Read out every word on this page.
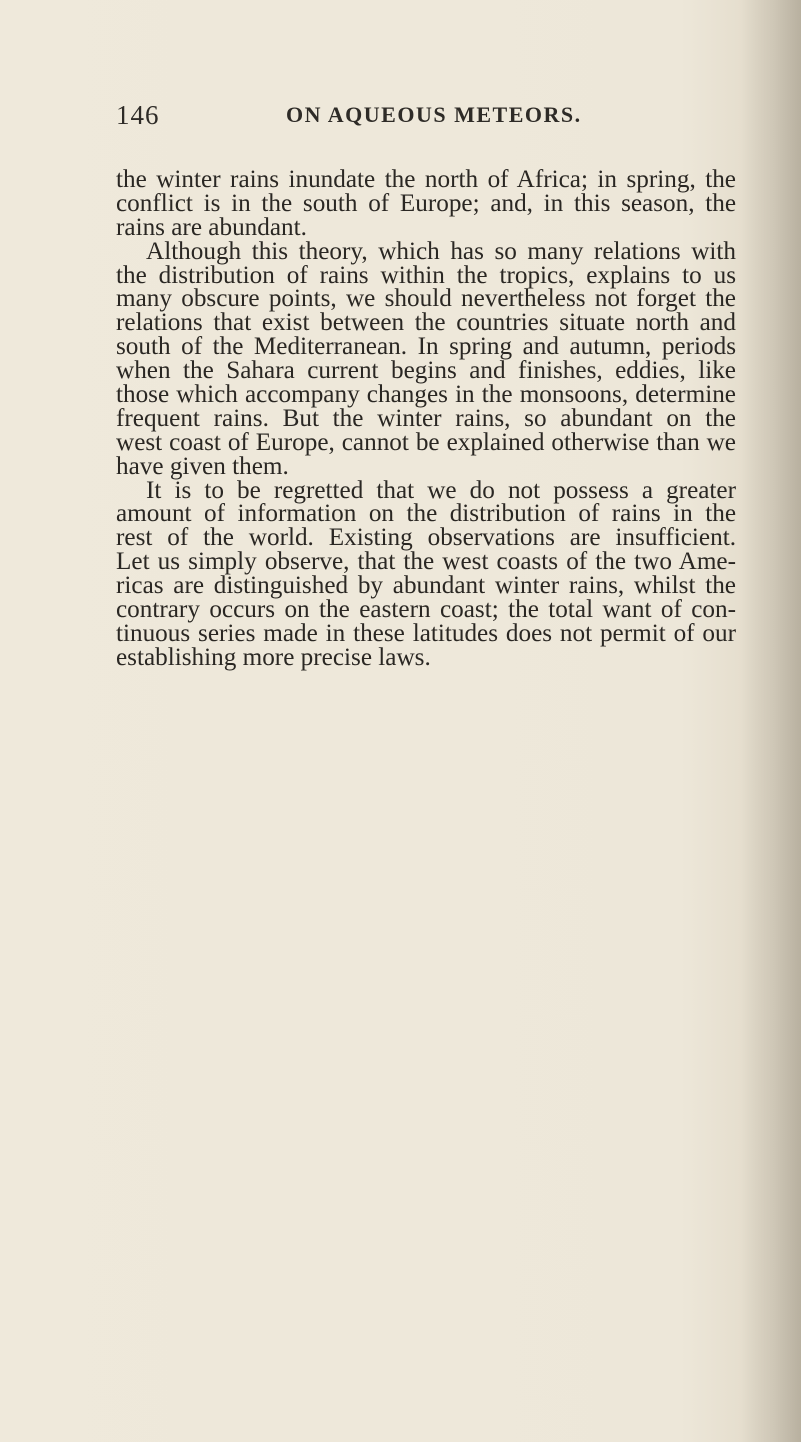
146	ON AQUEOUS METEORS.
the winter rains inundate the north of Africa; in spring, the
conflict is in the south of Europe; and, in this season, the
rains are abundant.
Although this theory, which has so many relations with
the distribution of rains within the tropics, explains to us
many obscure points, we should nevertheless not forget the
relations that exist between the countries situate north and
south of the Mediterranean. In spring and autumn, periods
when the Sahara current begins and finishes, eddies, like
those which accompany changes in the monsoons, determine
frequent rains. But the winter rains, so abundant on the
west coast of Europe, cannot be explained otherwise than we
have given them.
It is to be regretted that we do not possess a greater
amount of information on the distribution of rains in the
rest of the world. Existing observations are insufficient.
Let us simply observe, that the west coasts of the two Ame-
ricas are distinguished by abundant winter rains, whilst the
contrary occurs on the eastern coast; the total want of con-
tinuous series made in these latitudes does not permit of our
establishing more precise laws.
